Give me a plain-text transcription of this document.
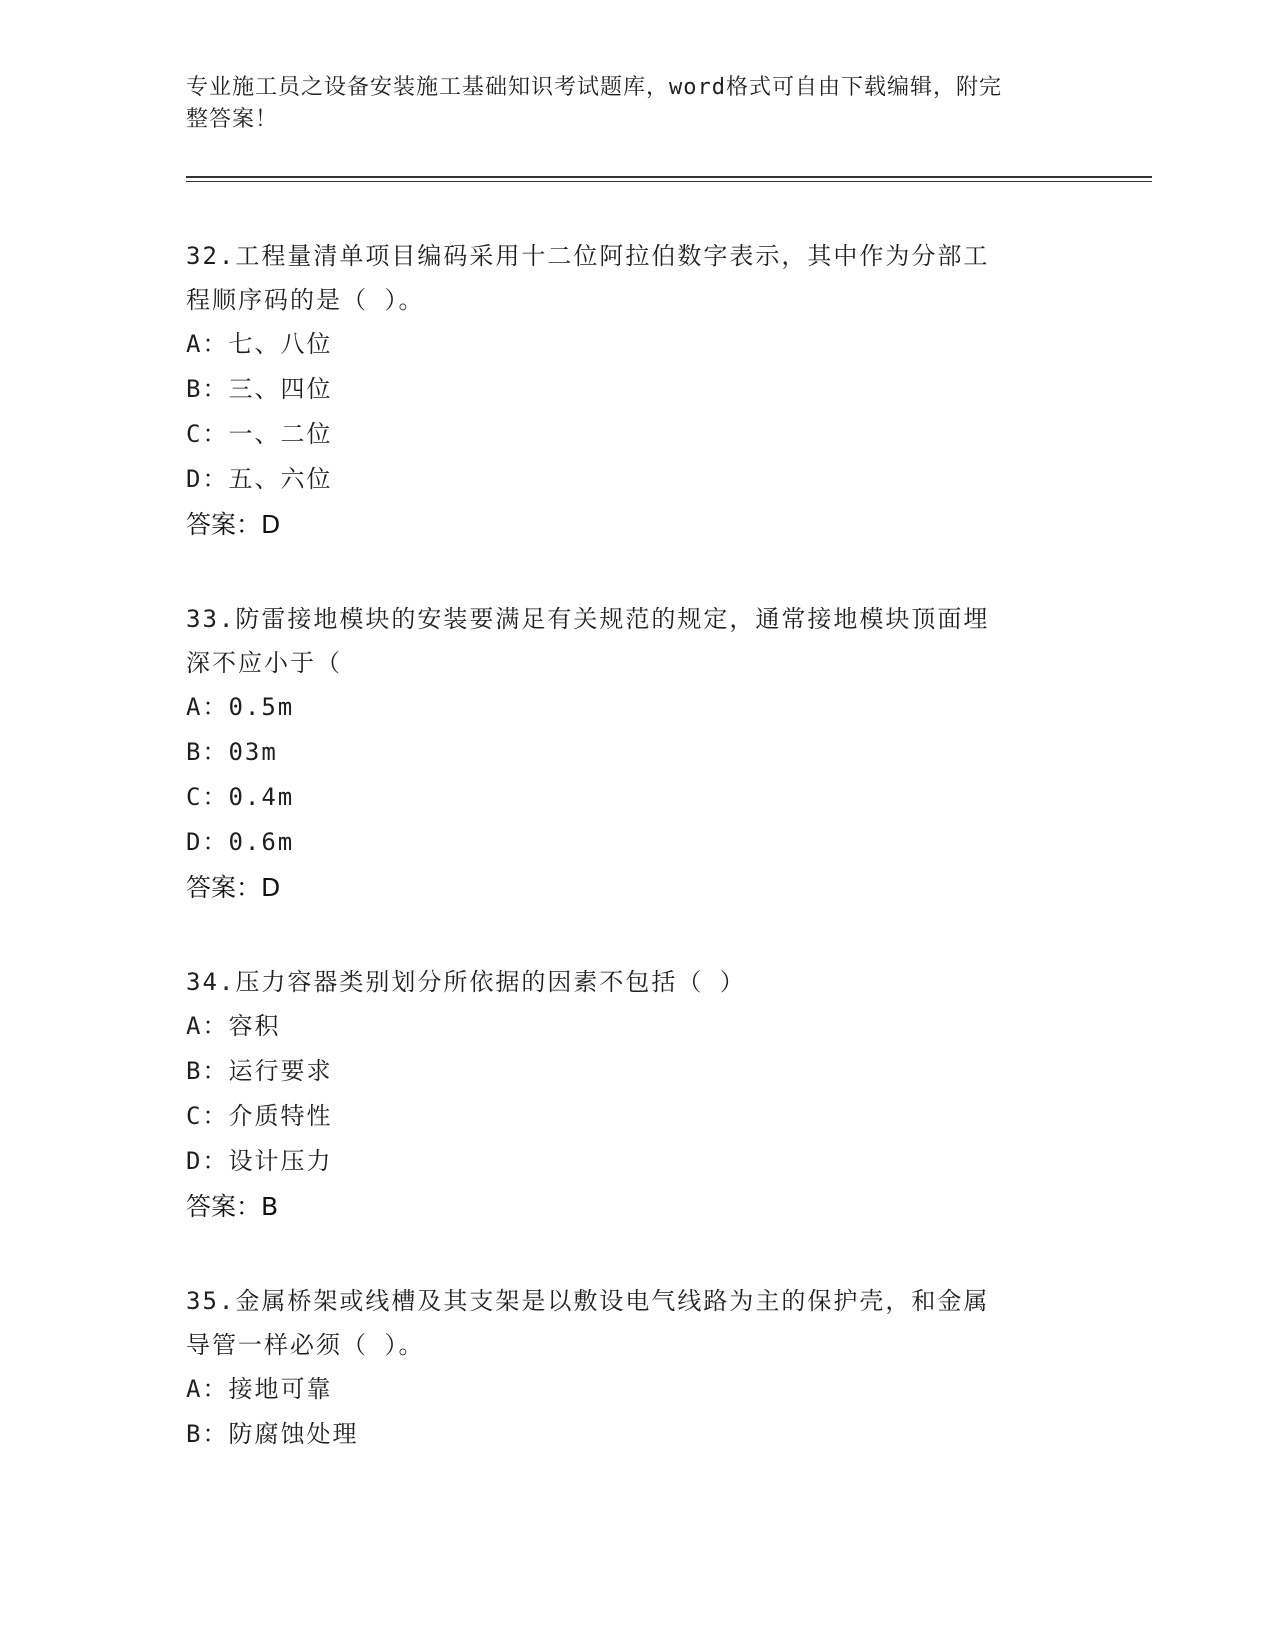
专业施工员之设备安装施工基础知识考试题库，word格式可自由下载编辑，附完
整答案！
32.工程量清单项目编码采用十二位阿拉伯数字表示，其中作为分部工
程顺序码的是（ ）。
A：七、八位
B：三、四位
C：一、二位
D：五、六位
答案：D
33.防雷接地模块的安装要满足有关规范的规定，通常接地模块顶面埋
深不应小于（
A：0.5m
B：03m
C：0.4m
D：0.6m
答案：D
34.压力容器类别划分所依据的因素不包括（ ）
A：容积
B：运行要求
C：介质特性
D：设计压力
答案：B
35.金属桥架或线槽及其支架是以敷设电气线路为主的保护壳，和金属
导管一样必须（ ）。
A：接地可靠
B：防腐蚀处理
